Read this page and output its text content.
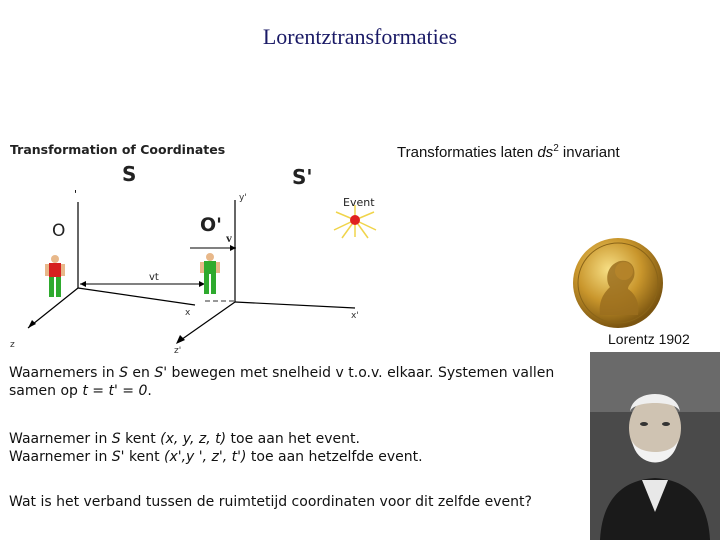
Lorentztransformaties
Transformation of Coordinates	Transformaties laten $ds^2$ invariant
'
S	S'
O	O'
y'
v
vt
x	x'
z
z'
Event
Lorentz 1902
Waarnemers in S en S' bewegen met snelheid v t.o.v. elkaar. Systemen vallen samen op t = t' = 0.
Waarnemer in S kent (x, y, z, t) toe aan het event.
Waarnemer in S' kent (x',y ', z', t') toe aan hetzelfde event.
Wat is het verband tussen de ruimtetijd coordinaten voor dit zelfde event?
